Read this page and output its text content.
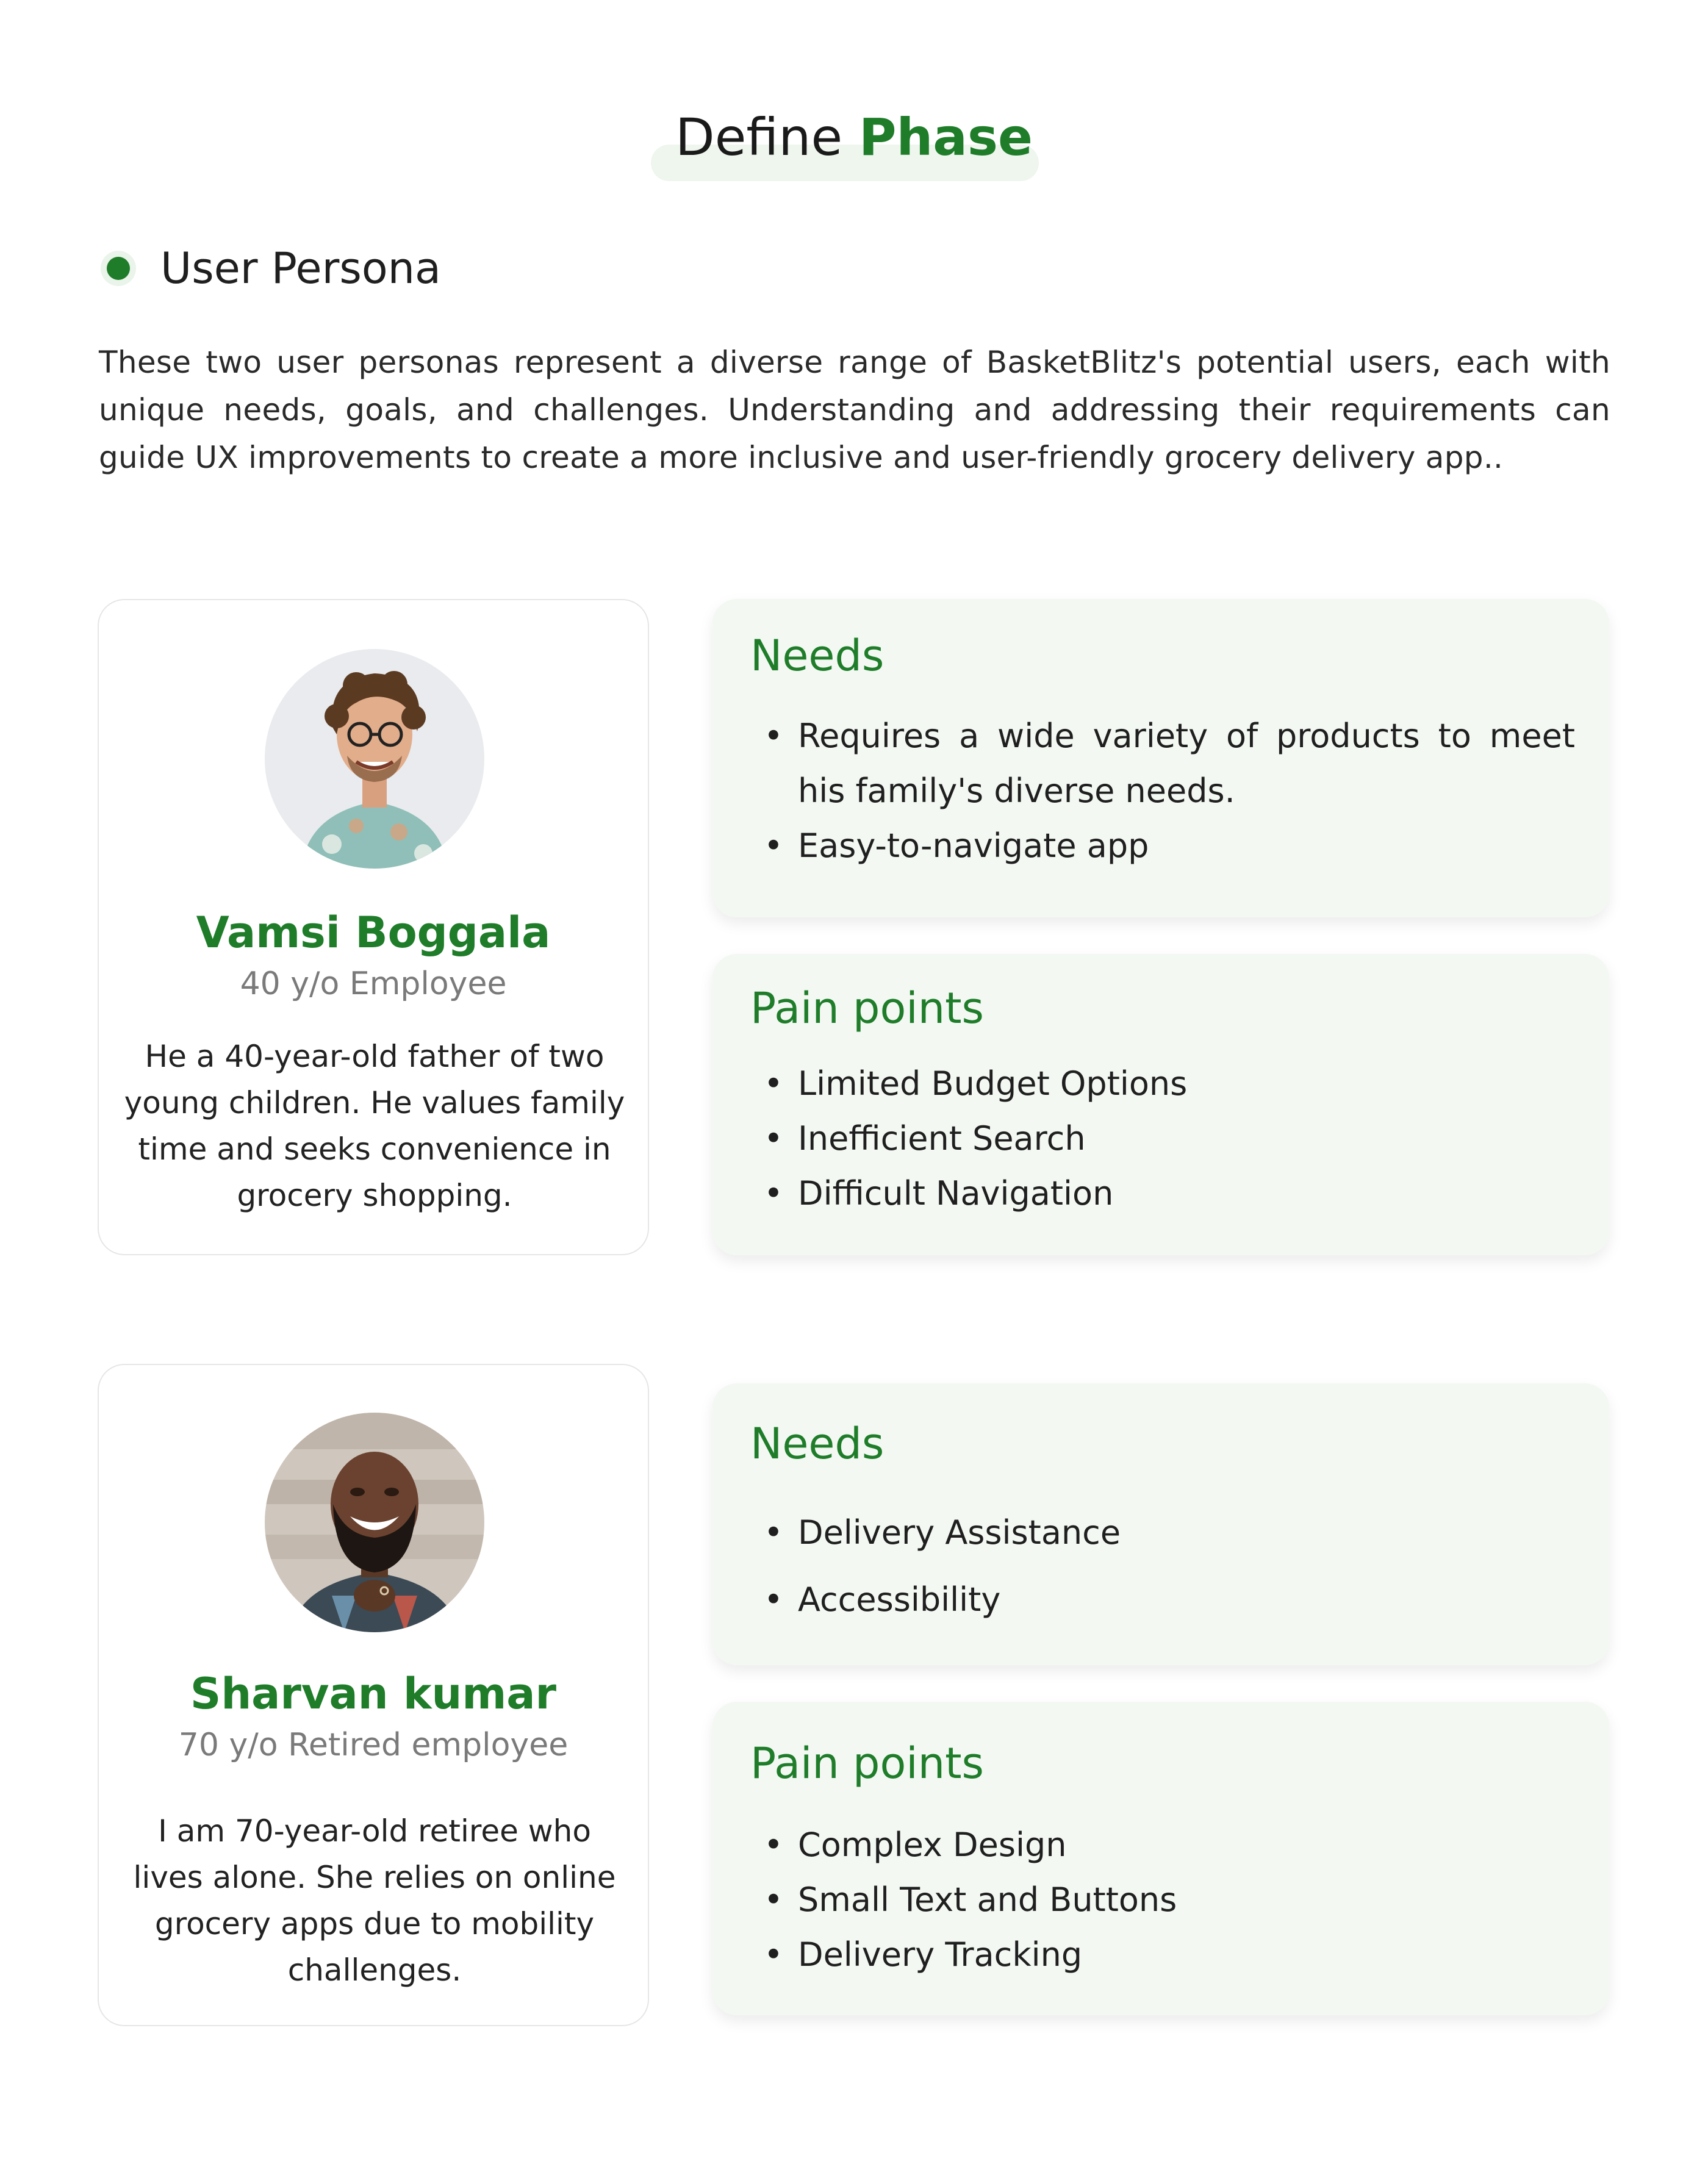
Define Phase
User Persona

These two user personas represent a diverse range of BasketBlitz's potential users, each with unique needs, goals, and challenges. Understanding and addressing their requirements can guide UX improvements to create a more inclusive and user-friendly grocery delivery app..

Vamsi Boggala
40 y/o Employee
He a 40-year-old father of two young children. He values family time and seeks convenience in grocery shopping.
Needs
• Requires a wide variety of products to meet his family's diverse needs.
• Easy-to-navigate app
Pain points
• Limited Budget Options
• Inefficient Search
• Difficult Navigation
Sharvan kumar
70 y/o Retired employee
I am 70-year-old retiree who lives alone. She relies on online grocery apps due to mobility challenges.
Needs
• Delivery Assistance
• Accessibility
Pain points
• Complex Design
• Small Text and Buttons
• Delivery Tracking
